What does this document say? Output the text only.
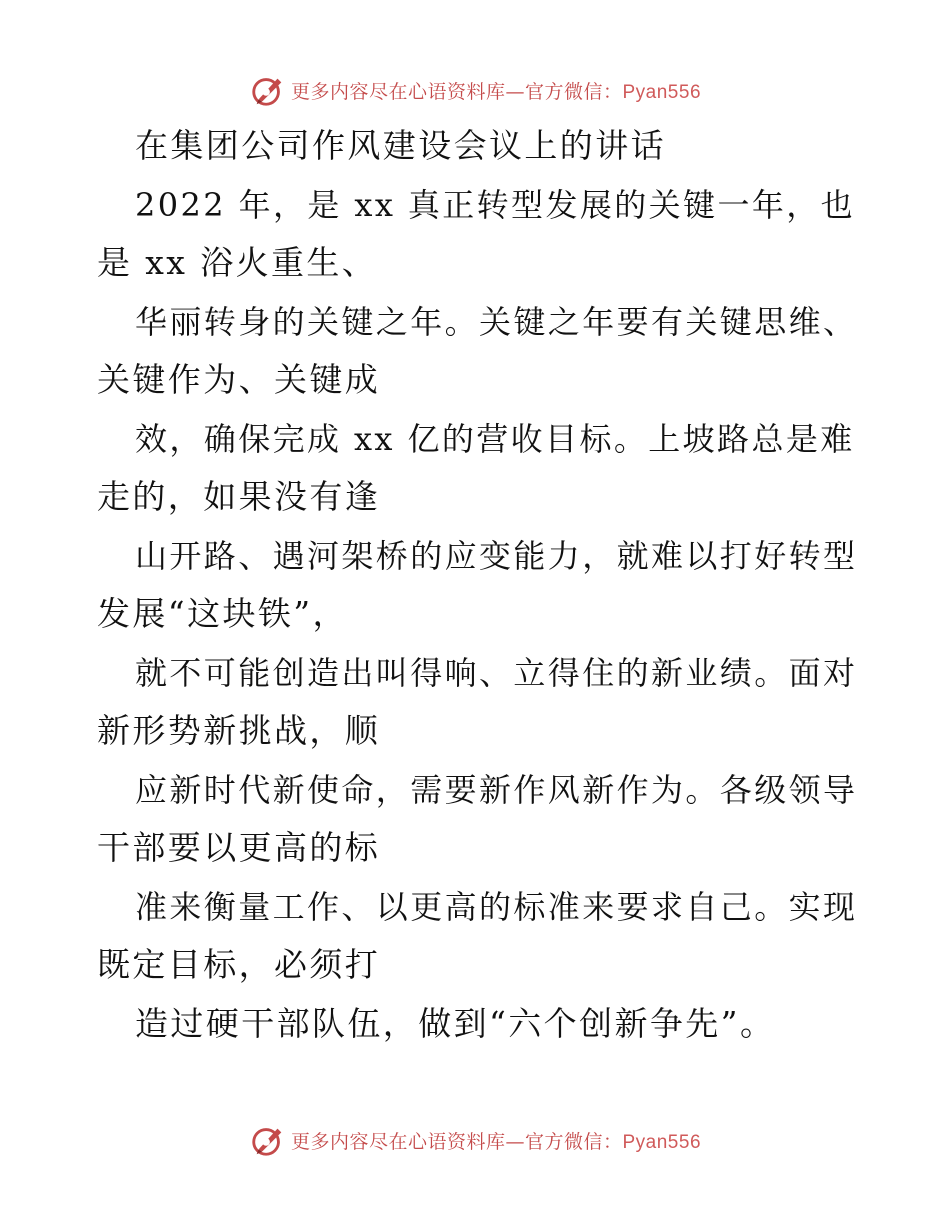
更多内容尽在心语资料库—官方微信：Pyan556
在集团公司作风建设会议上的讲话
2022 年，是 xx 真正转型发展的关键一年，也
是 xx 浴火重生、
华丽转身的关键之年。关键之年要有关键思维、
关键作为、关键成
效，确保完成 xx 亿的营收目标。上坡路总是难
走的，如果没有逢
山开路、遇河架桥的应变能力，就难以打好转型
发展“这块铁”，
就不可能创造出叫得响、立得住的新业绩。面对
新形势新挑战，顺
应新时代新使命，需要新作风新作为。各级领导
干部要以更高的标
准来衡量工作、以更高的标准来要求自己。实现
既定目标，必须打
造过硬干部队伍，做到“六个创新争先”。
更多内容尽在心语资料库—官方微信：Pyan556
